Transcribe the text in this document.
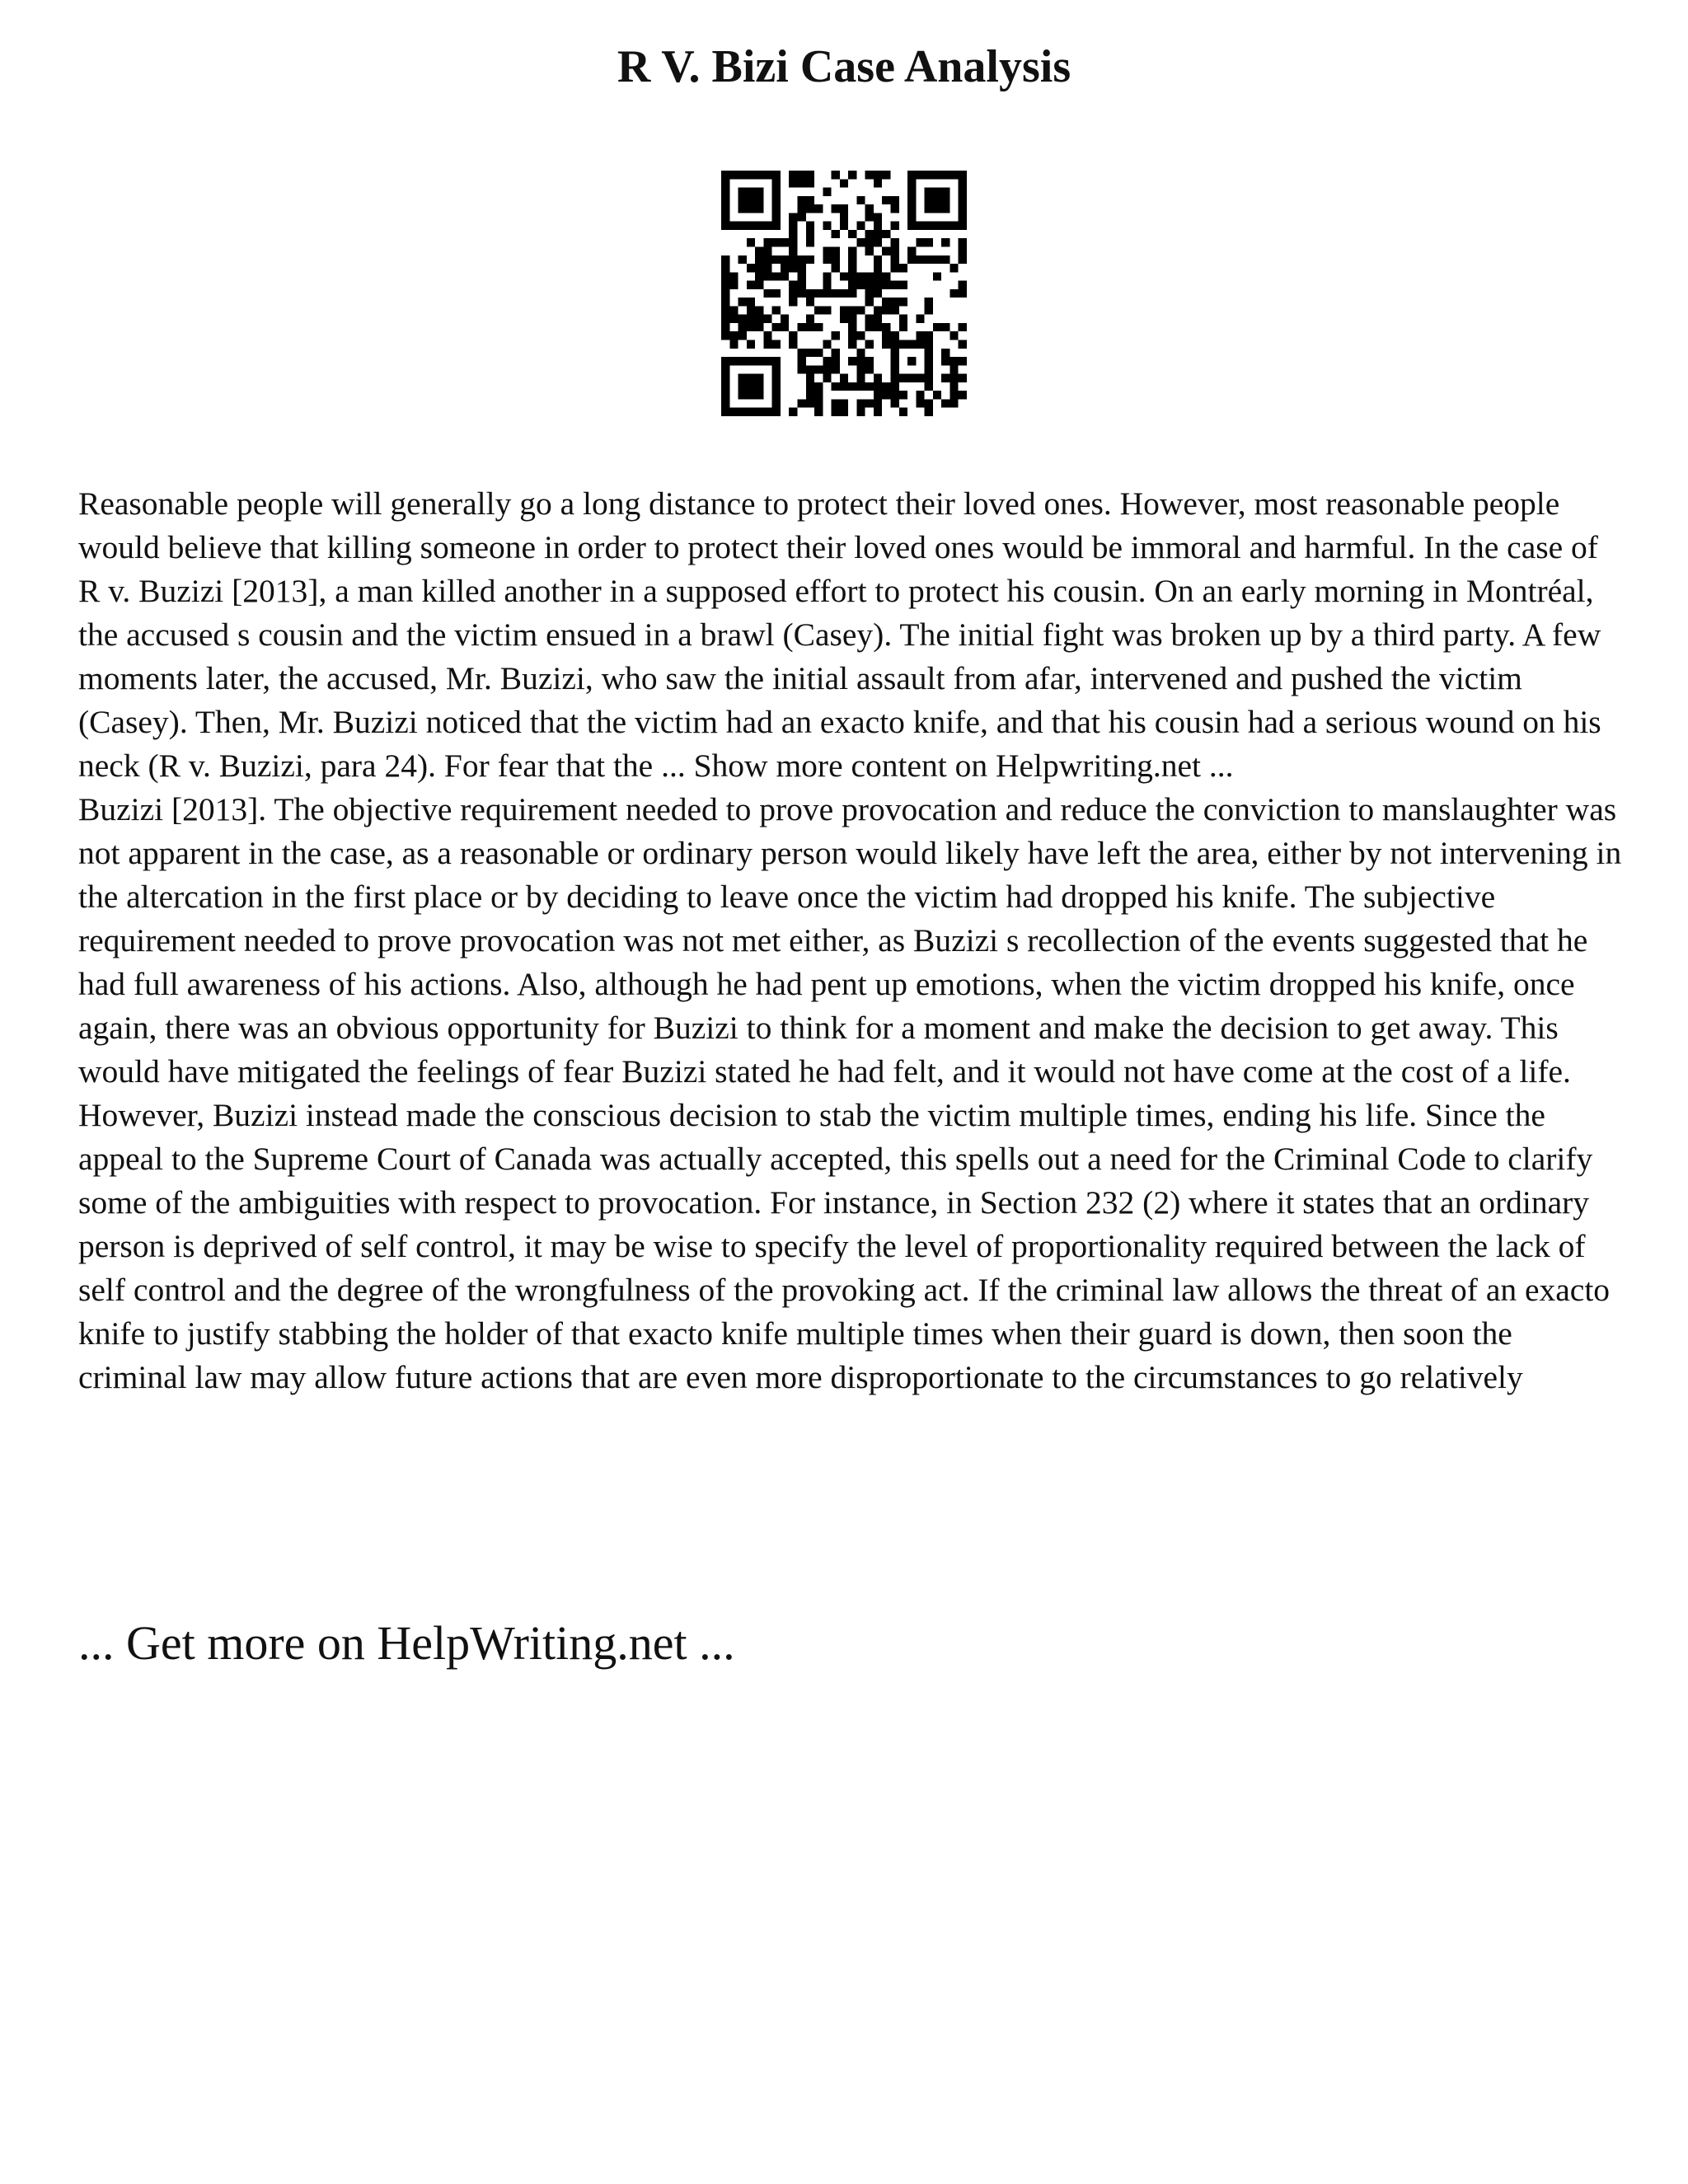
R V. Bizi Case Analysis

Reasonable people will generally go a long distance to protect their loved ones. However, most reasonable people would believe that killing someone in order to protect their loved ones would be immoral and harmful. In the case of R v. Buzizi [2013], a man killed another in a supposed effort to protect his cousin. On an early morning in Montréal, the accused s cousin and the victim ensued in a brawl (Casey). The initial fight was broken up by a third party. A few moments later, the accused, Mr. Buzizi, who saw the initial assault from afar, intervened and pushed the victim (Casey). Then, Mr. Buzizi noticed that the victim had an exacto knife, and that his cousin had a serious wound on his neck (R v. Buzizi, para 24). For fear that the ... Show more content on Helpwriting.net ...

Buzizi [2013]. The objective requirement needed to prove provocation and reduce the conviction to manslaughter was not apparent in the case, as a reasonable or ordinary person would likely have left the area, either by not intervening in the altercation in the first place or by deciding to leave once the victim had dropped his knife. The subjective requirement needed to prove provocation was not met either, as Buzizi s recollection of the events suggested that he had full awareness of his actions. Also, although he had pent up emotions, when the victim dropped his knife, once again, there was an obvious opportunity for Buzizi to think for a moment and make the decision to get away. This would have mitigated the feelings of fear Buzizi stated he had felt, and it would not have come at the cost of a life. However, Buzizi instead made the conscious decision to stab the victim multiple times, ending his life. Since the appeal to the Supreme Court of Canada was actually accepted, this spells out a need for the Criminal Code to clarify some of the ambiguities with respect to provocation. For instance, in Section 232 (2) where it states that an ordinary person is deprived of self control, it may be wise to specify the level of proportionality required between the lack of self control and the degree of the wrongfulness of the provoking act. If the criminal law allows the threat of an exacto knife to justify stabbing the holder of that exacto knife multiple times when their guard is down, then soon the criminal law may allow future actions that are even more disproportionate to the circumstances to go relatively

... Get more on HelpWriting.net ...
